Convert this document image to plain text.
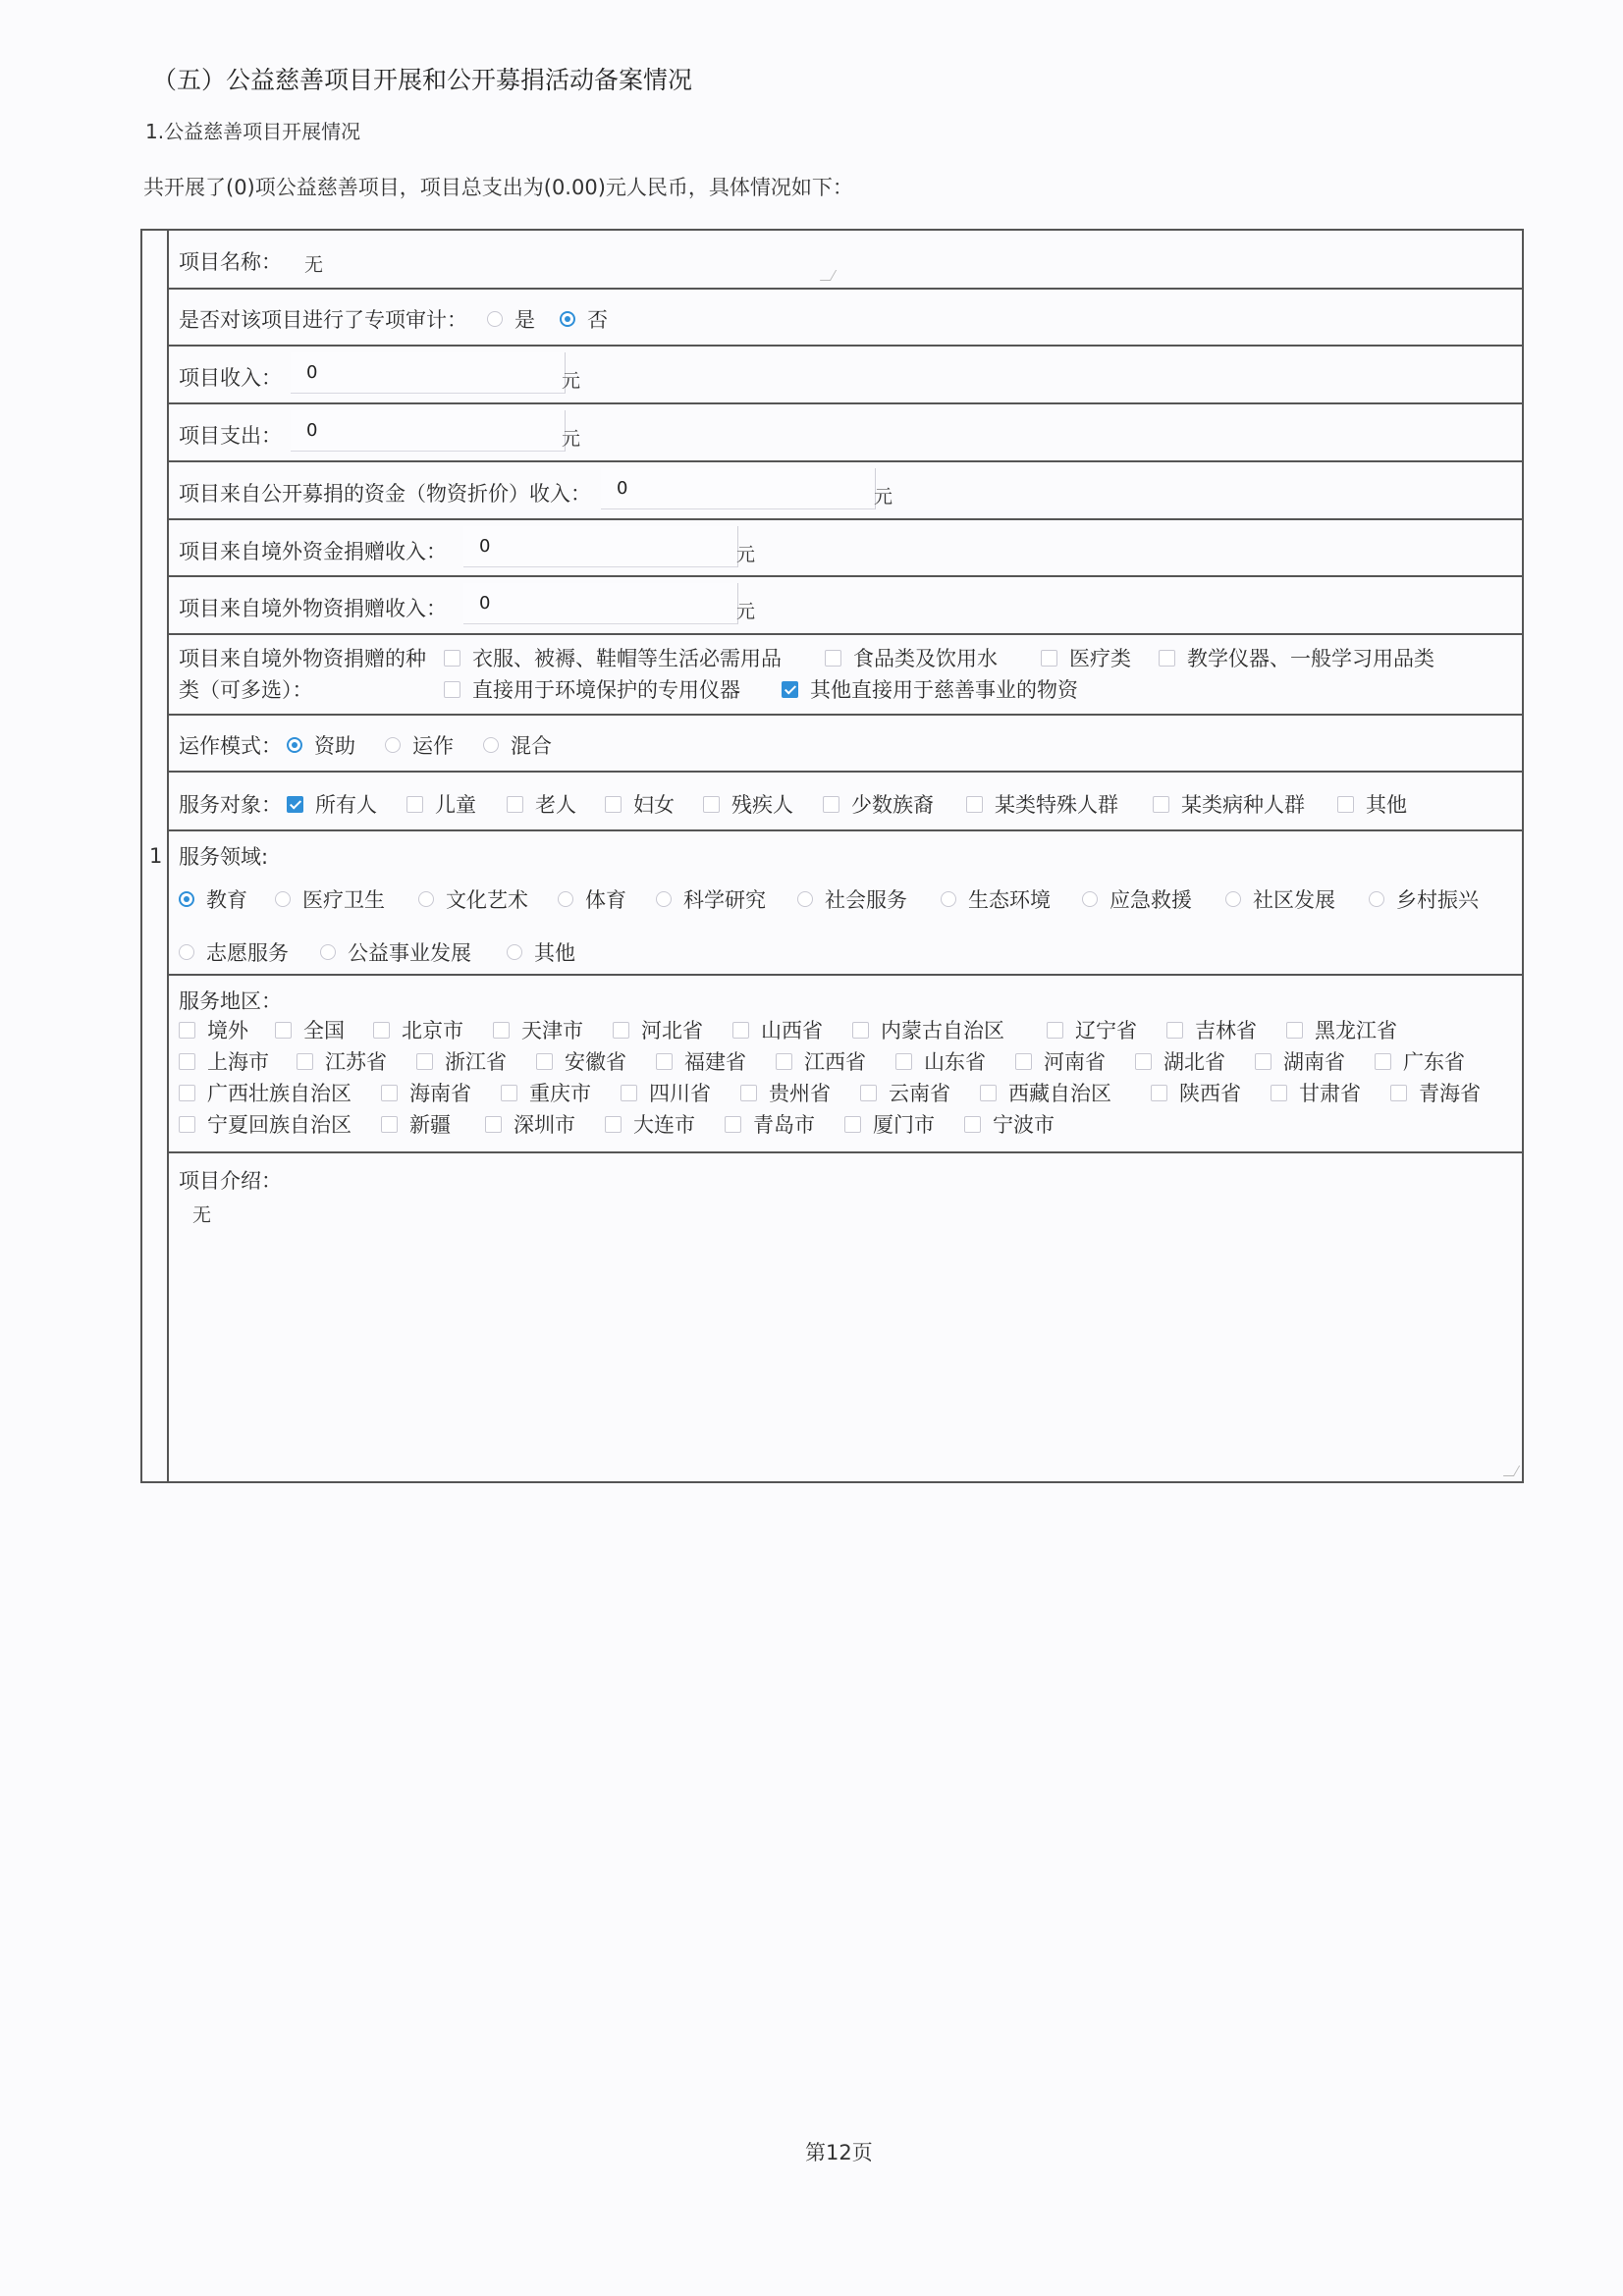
（五）公益慈善项目开展和公开募捐活动备案情况
1.公益慈善项目开展情况
共开展了(0)项公益慈善项目，项目总支出为(0.00)元人民币，具体情况如下：
1
项目名称： 无
是否对该项目进行了专项审计： 是	否
项目收入： 0	元
项目支出： 0	元
项目来自公开募捐的资金（物资折价）收入： 0	元
项目来自境外资金捐赠收入： 0	元
项目来自境外物资捐赠收入： 0	元
项目来自境外物资捐赠的种
类（可多选）：
衣服、被褥、鞋帽等生活必需用品	食品类及饮用水	医疗类	教学仪器、一般学习用品类
直接用于环境保护的专用仪器	其他直接用于慈善事业的物资
运作模式： 资助	运作	混合
服务对象： 所有人	儿童	老人	妇女	残疾人	少数族裔	某类特殊人群	某类病种人群	其他
服务领域:
教育	医疗卫生	文化艺术	体育	科学研究	社会服务	生态环境	应急救援	社区发展	乡村振兴
志愿服务	公益事业发展	其他
服务地区：
境外	全国	北京市	天津市	河北省	山西省	内蒙古自治区	辽宁省	吉林省	黑龙江省
上海市	江苏省	浙江省	安徽省	福建省	江西省	山东省	河南省	湖北省	湖南省	广东省
广西壮族自治区	海南省	重庆市	四川省	贵州省	云南省	西藏自治区	陕西省	甘肃省	青海省
宁夏回族自治区	新疆	深圳市	大连市	青岛市	厦门市	宁波市
项目介绍：
无
第12页
